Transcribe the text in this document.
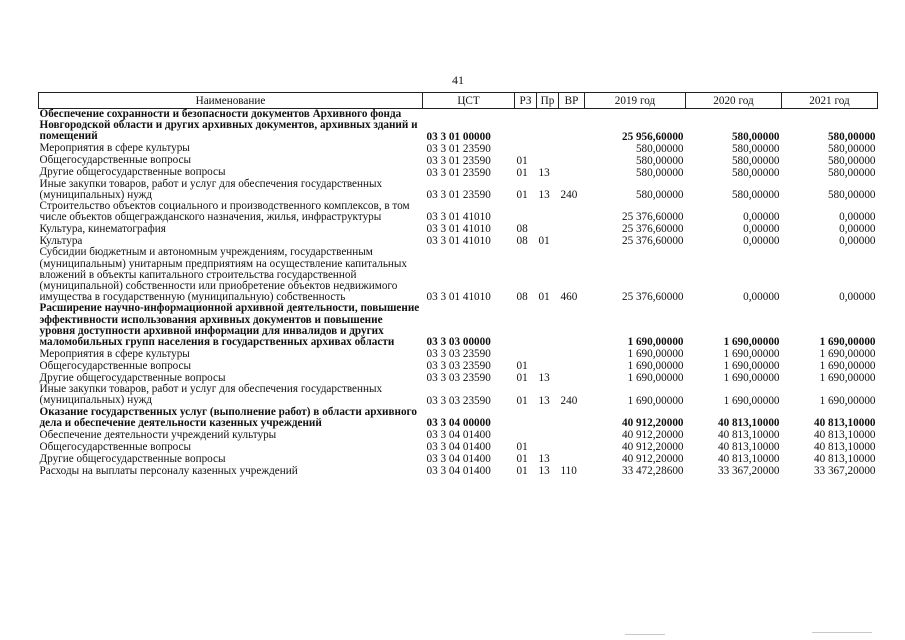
41
Наименование	ЦСТ	РЗ	Пр	ВР	2019 год	2020 год	2021 год
Обеспечение сохранности и безопасности документов Архивного фонда Новгородской области и других архивных документов, архивных зданий и помещений	03 3 01 00000				25 956,60000	580,00000	580,00000
Мероприятия в сфере культуры	03 3 01 23590				580,00000	580,00000	580,00000
Общегосударственные вопросы	03 3 01 23590	01			580,00000	580,00000	580,00000
Другие общегосударственные вопросы	03 3 01 23590	01	13		580,00000	580,00000	580,00000
Иные закупки товаров, работ и услуг для обеспечения государственных (муниципальных) нужд	03 3 01 23590	01	13	240	580,00000	580,00000	580,00000
Строительство объектов социального и производственного комплексов, в том числе объектов общегражданского назначения, жилья, инфраструктуры	03 3 01 41010				25 376,60000	0,00000	0,00000
Культура, кинематография	03 3 01 41010	08			25 376,60000	0,00000	0,00000
Культура	03 3 01 41010	08	01		25 376,60000	0,00000	0,00000
Субсидии бюджетным и автономным учреждениям, государственным (муниципальным) унитарным предприятиям на осуществление капитальных вложений в объекты капитального строительства государственной (муниципальной) собственности или приобретение объектов недвижимого имущества в государственную (муниципальную) собственность	03 3 01 41010	08	01	460	25 376,60000	0,00000	0,00000
Расширение научно-информационной архивной деятельности, повышение эффективности использования архивных документов и повышение уровня доступности архивной информации для инвалидов и других маломобильных групп населения в государственных архивах области	03 3 03 00000				1 690,00000	1 690,00000	1 690,00000
Мероприятия в сфере культуры	03 3 03 23590				1 690,00000	1 690,00000	1 690,00000
Общегосударственные вопросы	03 3 03 23590	01			1 690,00000	1 690,00000	1 690,00000
Другие общегосударственные вопросы	03 3 03 23590	01	13		1 690,00000	1 690,00000	1 690,00000
Иные закупки товаров, работ и услуг для обеспечения государственных (муниципальных) нужд	03 3 03 23590	01	13	240	1 690,00000	1 690,00000	1 690,00000
Оказание государственных услуг (выполнение работ) в области архивного дела и обеспечение деятельности казенных учреждений	03 3 04 00000				40 912,20000	40 813,10000	40 813,10000
Обеспечение деятельности учреждений культуры	03 3 04 01400				40 912,20000	40 813,10000	40 813,10000
Общегосударственные вопросы	03 3 04 01400	01			40 912,20000	40 813,10000	40 813,10000
Другие общегосударственные вопросы	03 3 04 01400	01	13		40 912,20000	40 813,10000	40 813,10000
Расходы на выплаты персоналу казенных учреждений	03 3 04 01400	01	13	110	33 472,28600	33 367,20000	33 367,20000
